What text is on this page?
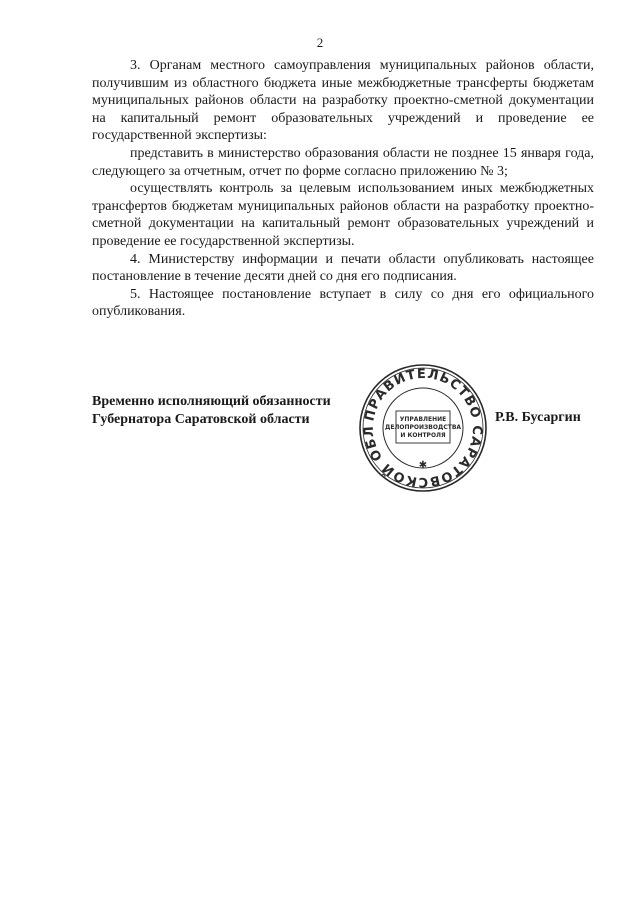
2

3. Органам местного самоуправления муниципальных районов области, получившим из областного бюджета иные межбюджетные трансферты бюджетам муниципальных районов области на разработку проектно-сметной документации на капитальный ремонт образовательных учреждений и проведение ее государственной экспертизы:

представить в министерство образования области не позднее 15 января года, следующего за отчетным, отчет по форме согласно приложению № 3;

осуществлять контроль за целевым использованием иных межбюджетных трансфертов бюджетам муниципальных районов области на разработку проектно-сметной документации на капитальный ремонт образовательных учреждений и проведение ее государственной экспертизы.

4. Министерству информации и печати области опубликовать настоящее постановление в течение десяти дней со дня его подписания.

5. Настоящее постановление вступает в силу со дня его официального опубликования.

Временно исполняющий обязанности
Губернатора Саратовской области	Р.В. Бусаргин
ПРАВИТЕЛЬСТВО САРАТОВСКОЙ ОБЛ
УПРАВЛЕНИЕ
ДЕЛОПРОИЗВОДСТВА
И КОНТРОЛЯ
✱
